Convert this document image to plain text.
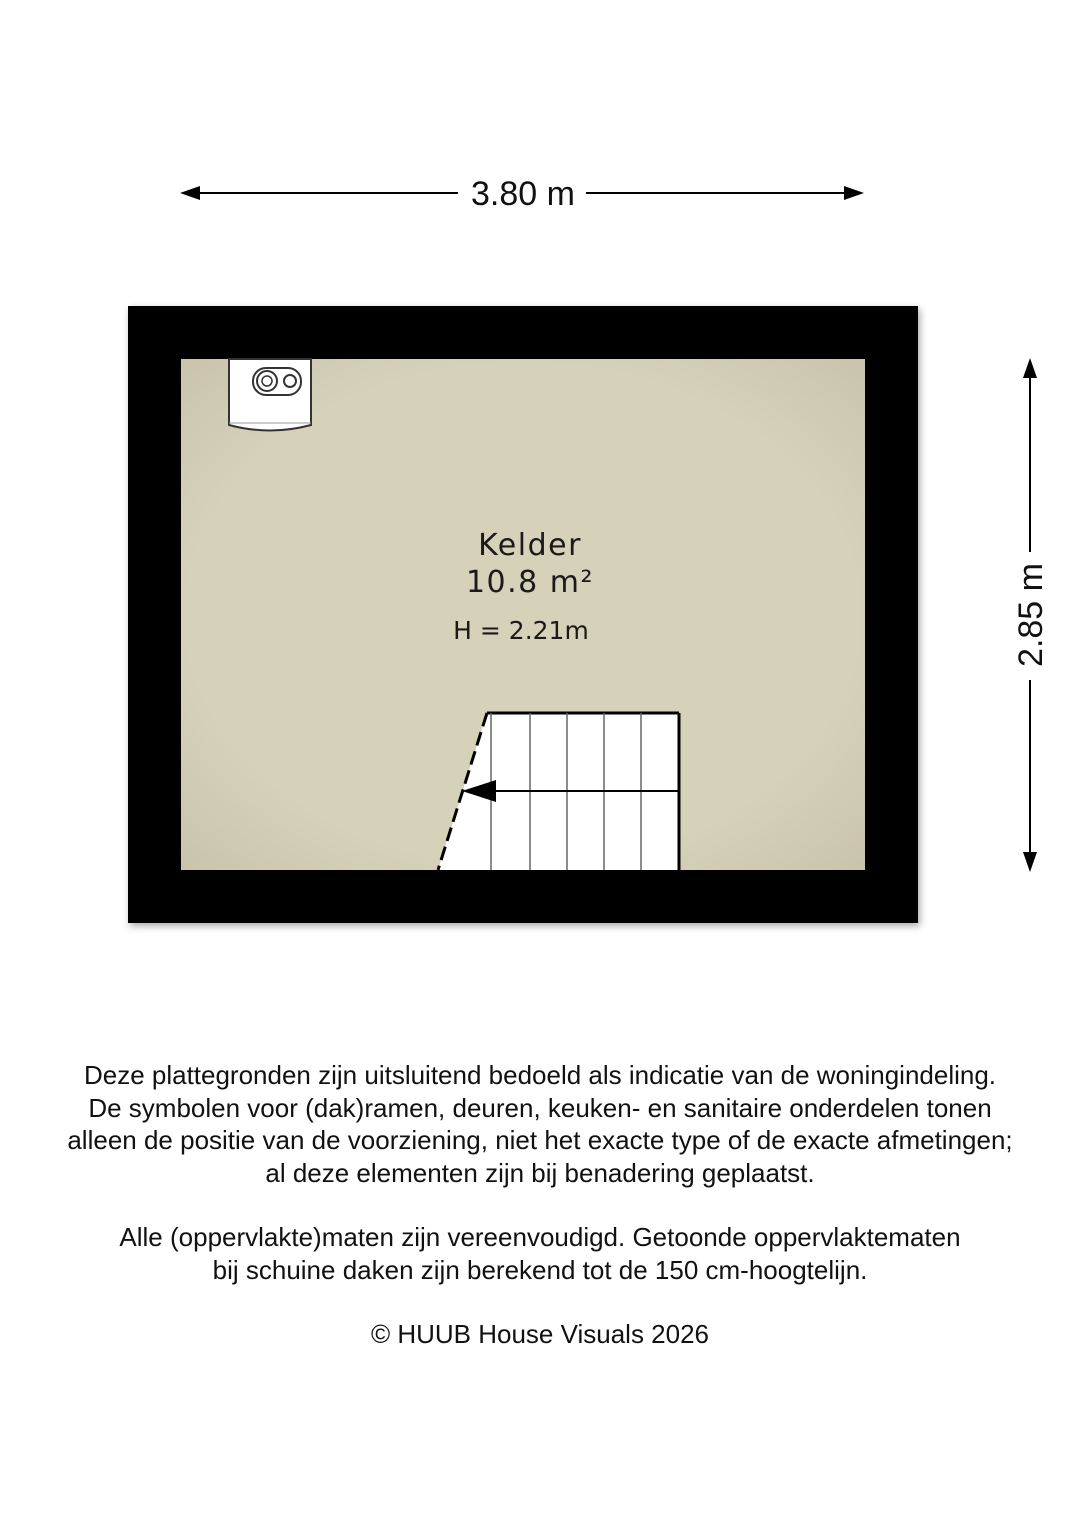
3.80 m
2.85 m
Kelder
10.8 m²
H = 2.21m

Deze plattegronden zijn uitsluitend bedoeld als indicatie van de woningindeling.

De symbolen voor (dak)ramen, deuren, keuken- en sanitaire onderdelen tonen

alleen de positie van de voorziening, niet het exacte type of de exacte afmetingen;

al deze elementen zijn bij benadering geplaatst.

Alle (oppervlakte)maten zijn vereenvoudigd. Getoonde oppervlaktematen

bij schuine daken zijn berekend tot de 150 cm-hoogtelijn.

© HUUB House Visuals 2026
